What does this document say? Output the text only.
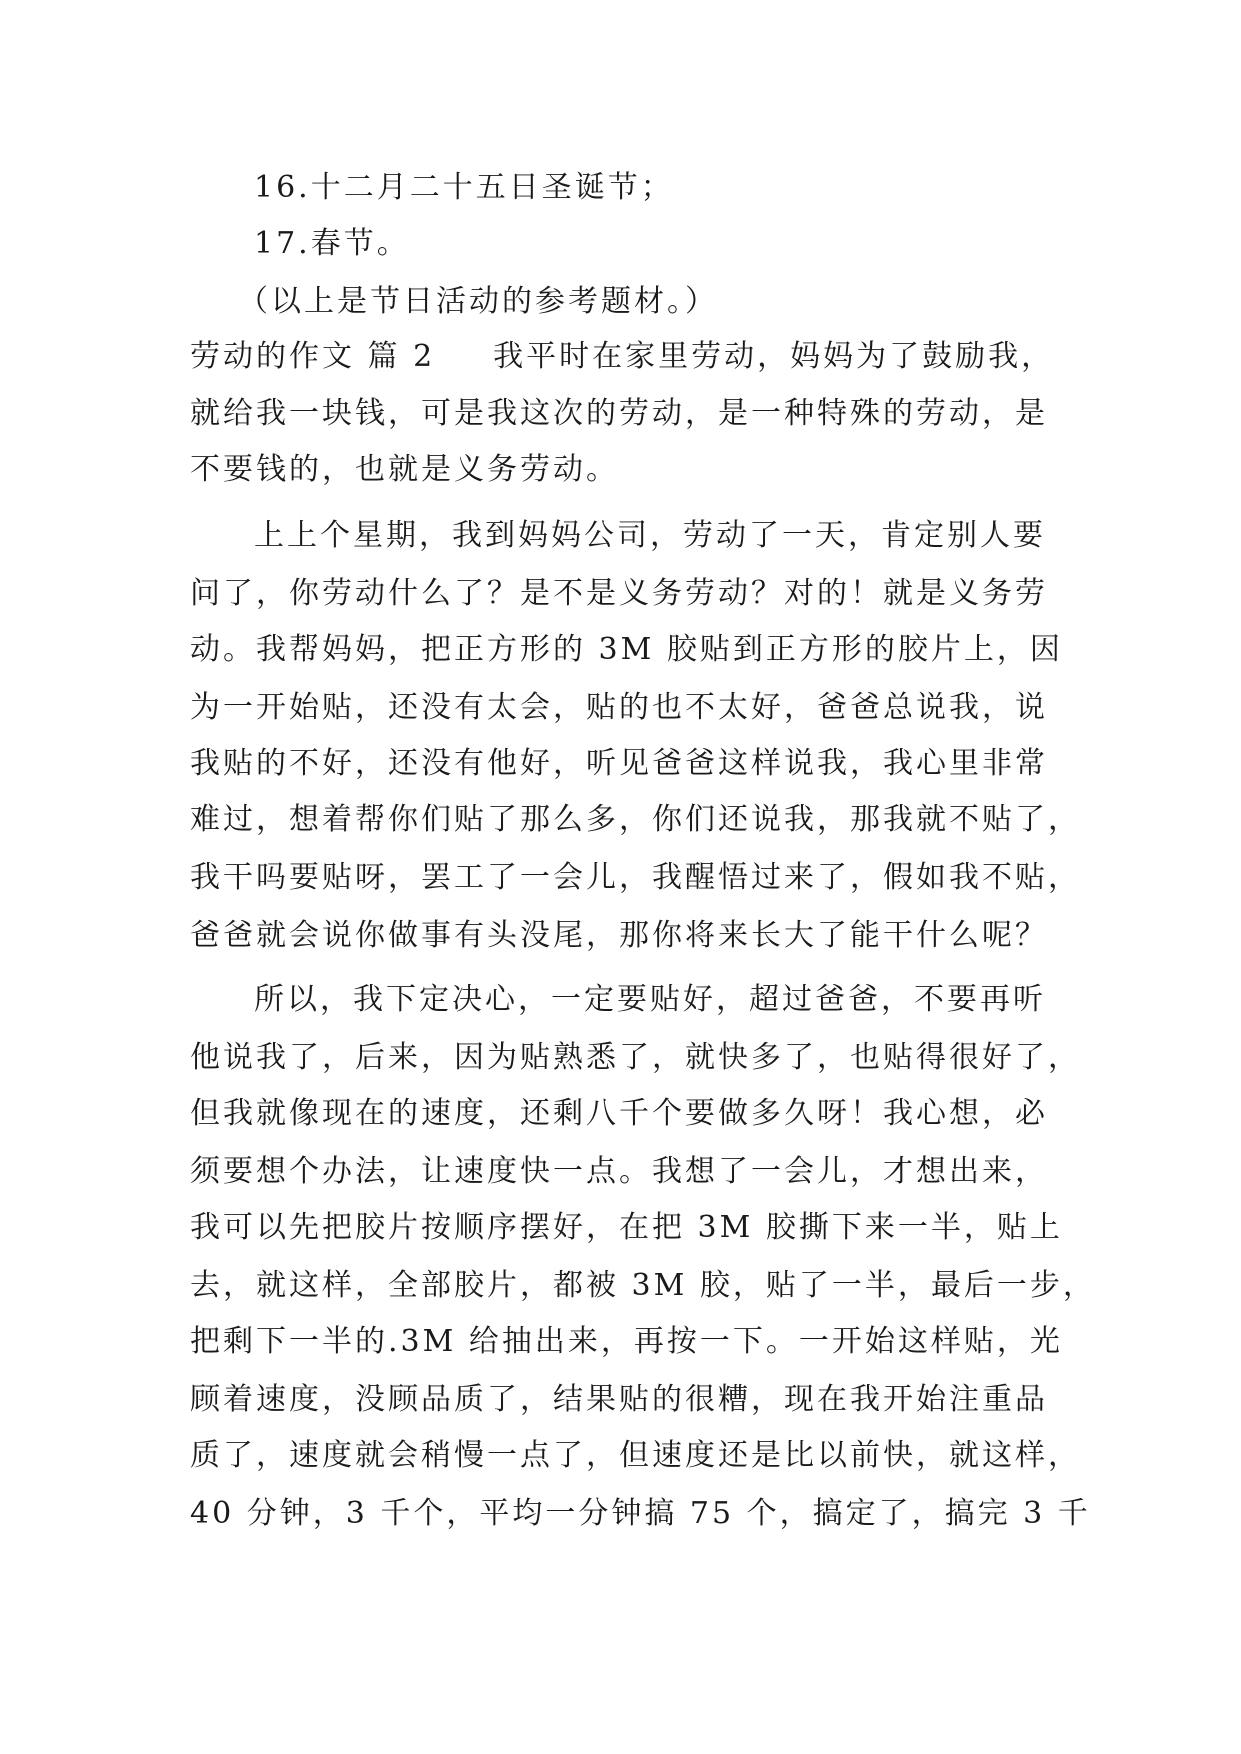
16.十二月二十五日圣诞节；
17.春节。
（以上是节日活动的参考题材。）
劳动的作文 篇 2 我平时在家里劳动，妈妈为了鼓励我，
就给我一块钱，可是我这次的劳动，是一种特殊的劳动，是
不要钱的，也就是义务劳动。
上上个星期，我到妈妈公司，劳动了一天，肯定别人要
问了，你劳动什么了？是不是义务劳动？对的！就是义务劳
动。我帮妈妈，把正方形的 3M 胶贴到正方形的胶片上，因
为一开始贴，还没有太会，贴的也不太好，爸爸总说我，说
我贴的不好，还没有他好，听见爸爸这样说我，我心里非常
难过，想着帮你们贴了那么多，你们还说我，那我就不贴了，
我干吗要贴呀，罢工了一会儿，我醒悟过来了，假如我不贴，
爸爸就会说你做事有头没尾，那你将来长大了能干什么呢？
所以，我下定决心，一定要贴好，超过爸爸，不要再听
他说我了，后来，因为贴熟悉了，就快多了，也贴得很好了，
但我就像现在的速度，还剩八千个要做多久呀！我心想，必
须要想个办法，让速度快一点。我想了一会儿，才想出来，
我可以先把胶片按顺序摆好，在把 3M 胶撕下来一半，贴上
去，就这样，全部胶片，都被 3M 胶，贴了一半，最后一步，
把剩下一半的.3M 给抽出来，再按一下。一开始这样贴，光
顾着速度，没顾品质了，结果贴的很糟，现在我开始注重品
质了，速度就会稍慢一点了，但速度还是比以前快，就这样，
40 分钟，3 千个，平均一分钟搞 75 个，搞定了，搞完 3 千
